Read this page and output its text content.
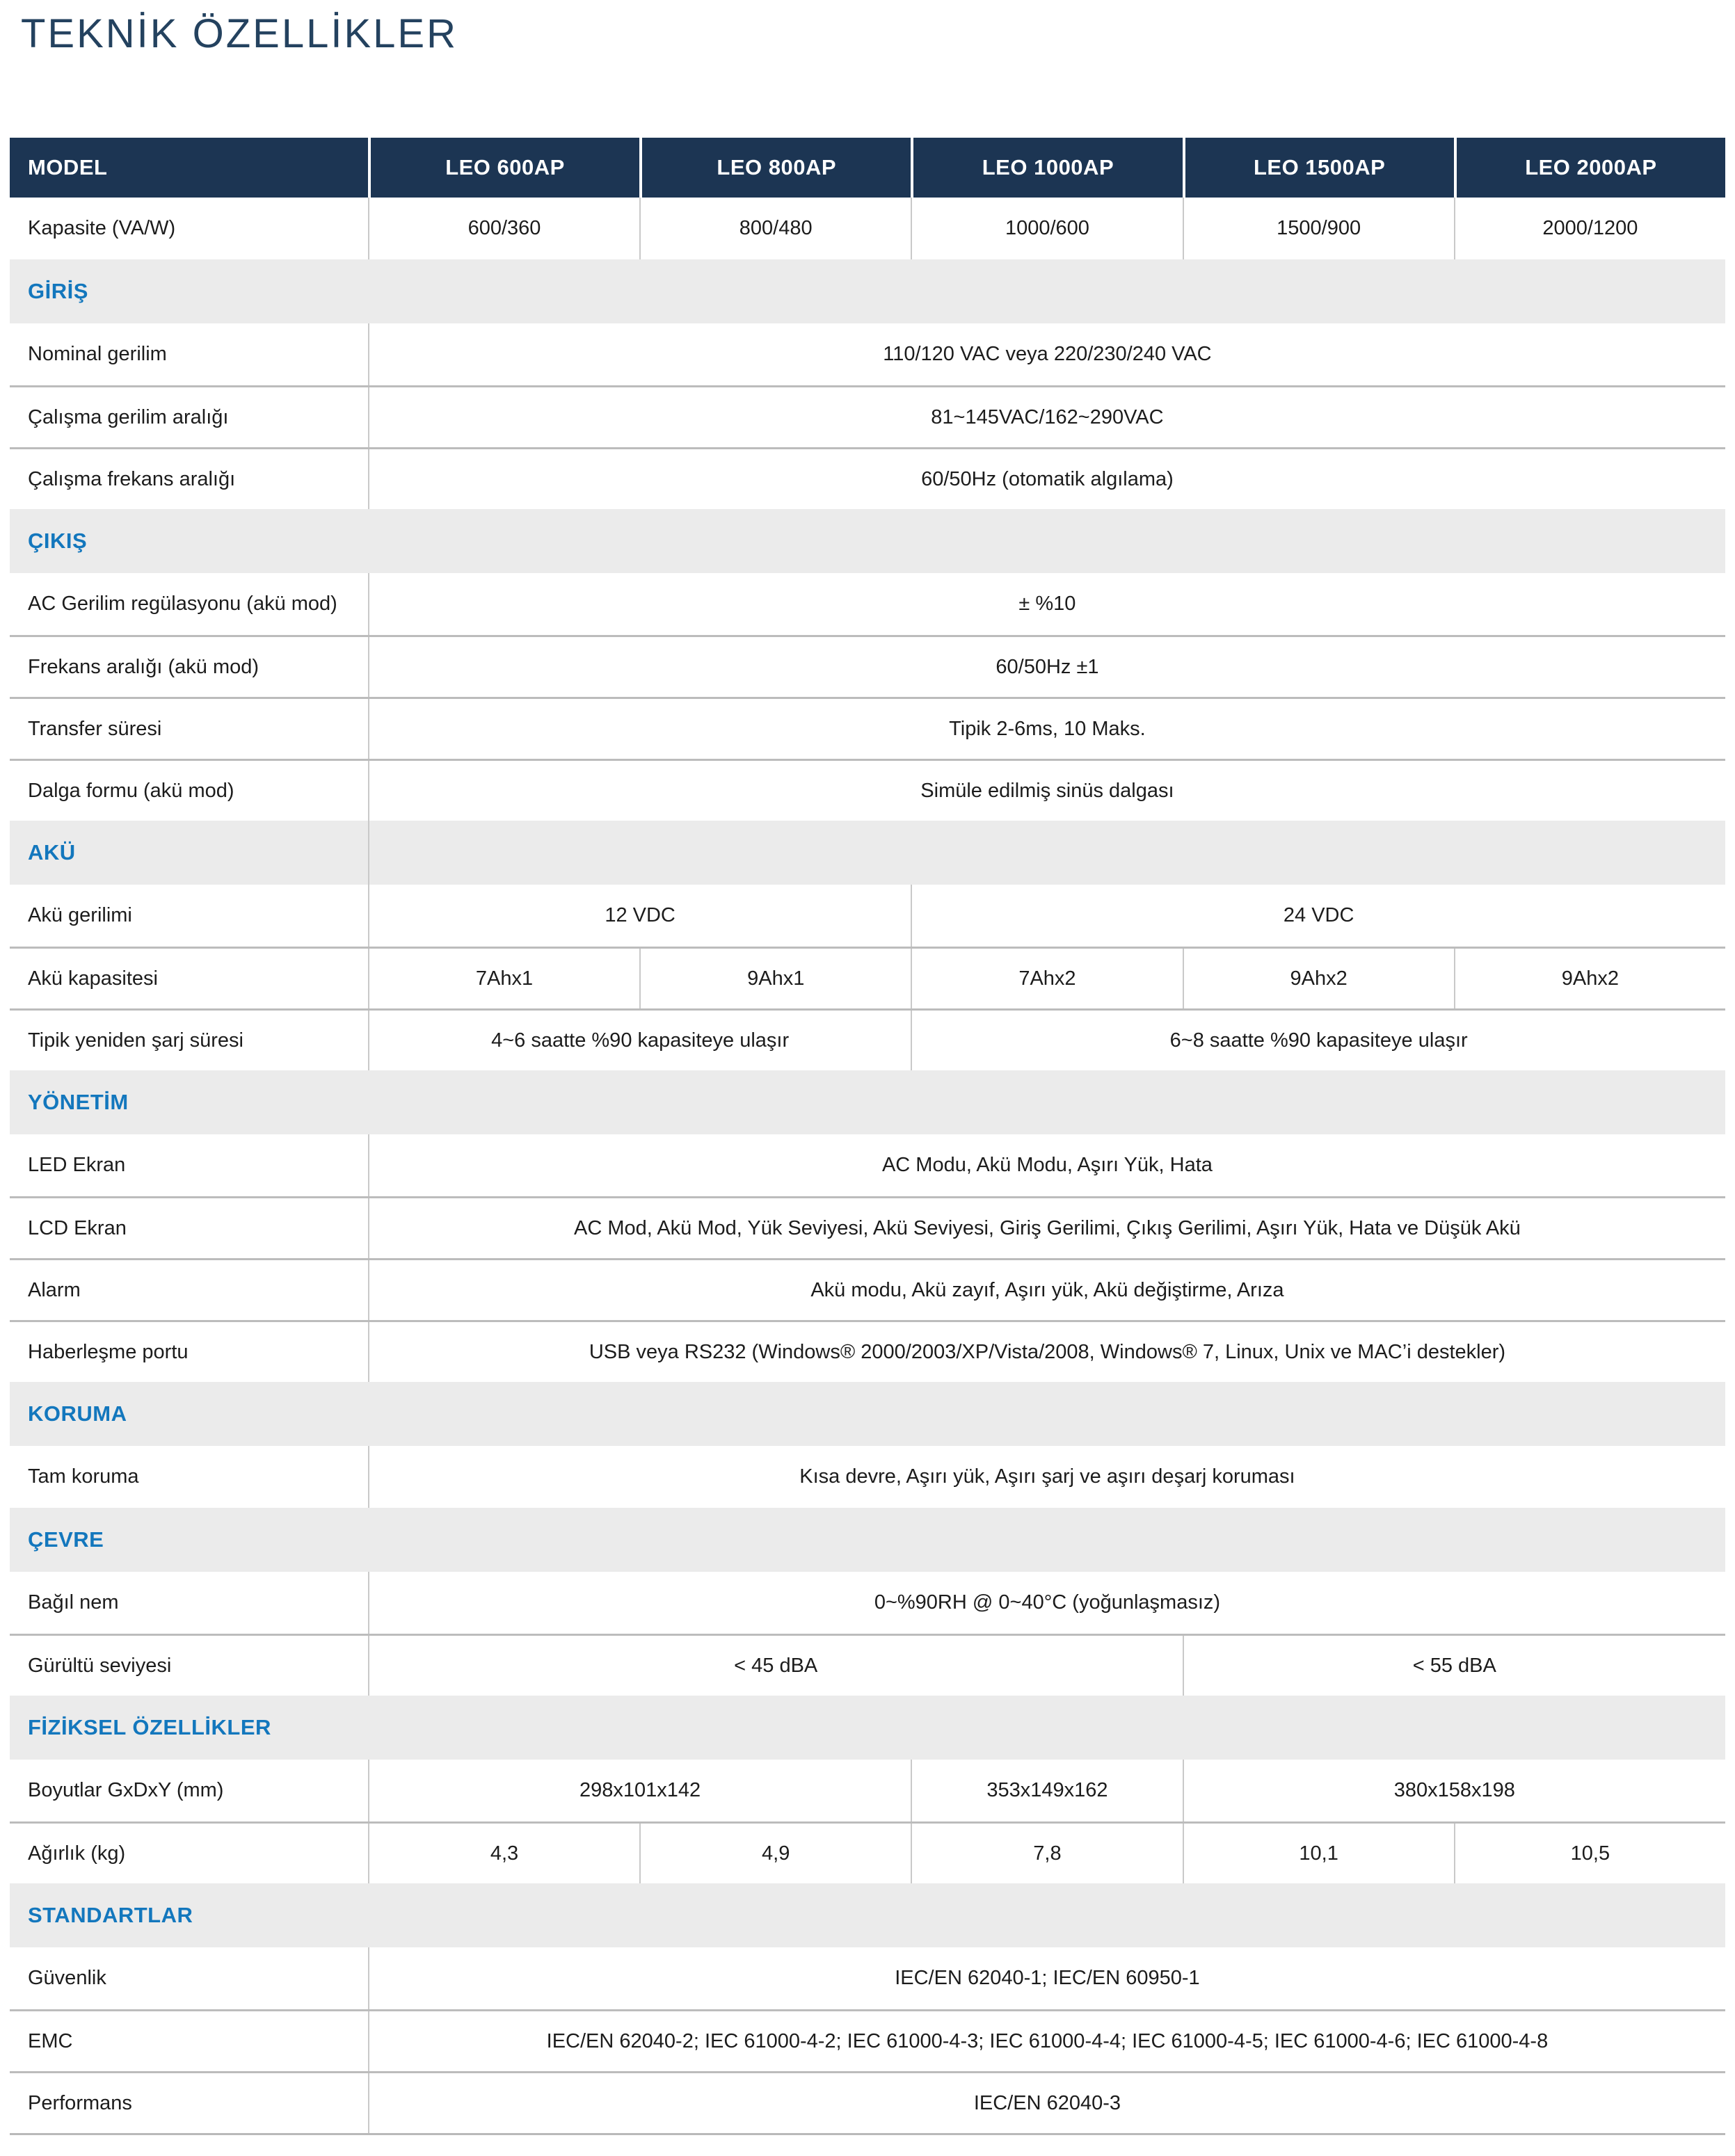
TEKNİK ÖZELLİKLER
MODEL	LEO 600AP	LEO 800AP	LEO 1000AP	LEO 1500AP	LEO 2000AP
Kapasite (VA/W)	600/360	800/480	1000/600	1500/900	2000/1200
GİRİŞ
Nominal gerilim	110/120 VAC veya 220/230/240 VAC
Çalışma gerilim aralığı	81~145VAC/162~290VAC
Çalışma frekans aralığı	60/50Hz (otomatik algılama)
ÇIKIŞ
AC Gerilim regülasyonu (akü mod)	± %10
Frekans aralığı (akü mod)	60/50Hz ±1
Transfer süresi	Tipik 2-6ms, 10 Maks.
Dalga formu (akü mod)	Simüle edilmiş sinüs dalgası
AKÜ
Akü gerilimi	12 VDC	24 VDC
Akü kapasitesi	7Ahx1	9Ahx1	7Ahx2	9Ahx2	9Ahx2
Tipik yeniden şarj süresi	4~6 saatte %90 kapasiteye ulaşır	6~8 saatte %90 kapasiteye ulaşır
YÖNETİM
LED Ekran	AC Modu, Akü Modu, Aşırı Yük, Hata
LCD Ekran	AC Mod, Akü Mod, Yük Seviyesi, Akü Seviyesi, Giriş Gerilimi, Çıkış Gerilimi, Aşırı Yük, Hata ve Düşük Akü
Alarm	Akü modu, Akü zayıf, Aşırı yük, Akü değiştirme, Arıza
Haberleşme portu	USB veya RS232 (Windows® 2000/2003/XP/Vista/2008, Windows® 7, Linux, Unix ve MAC’i destekler)
KORUMA
Tam koruma	Kısa devre, Aşırı yük, Aşırı şarj ve aşırı deşarj koruması
ÇEVRE
Bağıl nem	0~%90RH @ 0~40°C (yoğunlaşmasız)
Gürültü seviyesi	< 45 dBA	< 55 dBA
FİZİKSEL ÖZELLİKLER
Boyutlar GxDxY (mm)	298x101x142	353x149x162	380x158x198
Ağırlık (kg)	4,3	4,9	7,8	10,1	10,5
STANDARTLAR
Güvenlik	IEC/EN 62040-1; IEC/EN 60950-1
EMC	IEC/EN 62040-2; IEC 61000-4-2; IEC 61000-4-3; IEC 61000-4-4; IEC 61000-4-5; IEC 61000-4-6; IEC 61000-4-8
Performans	IEC/EN 62040-3
